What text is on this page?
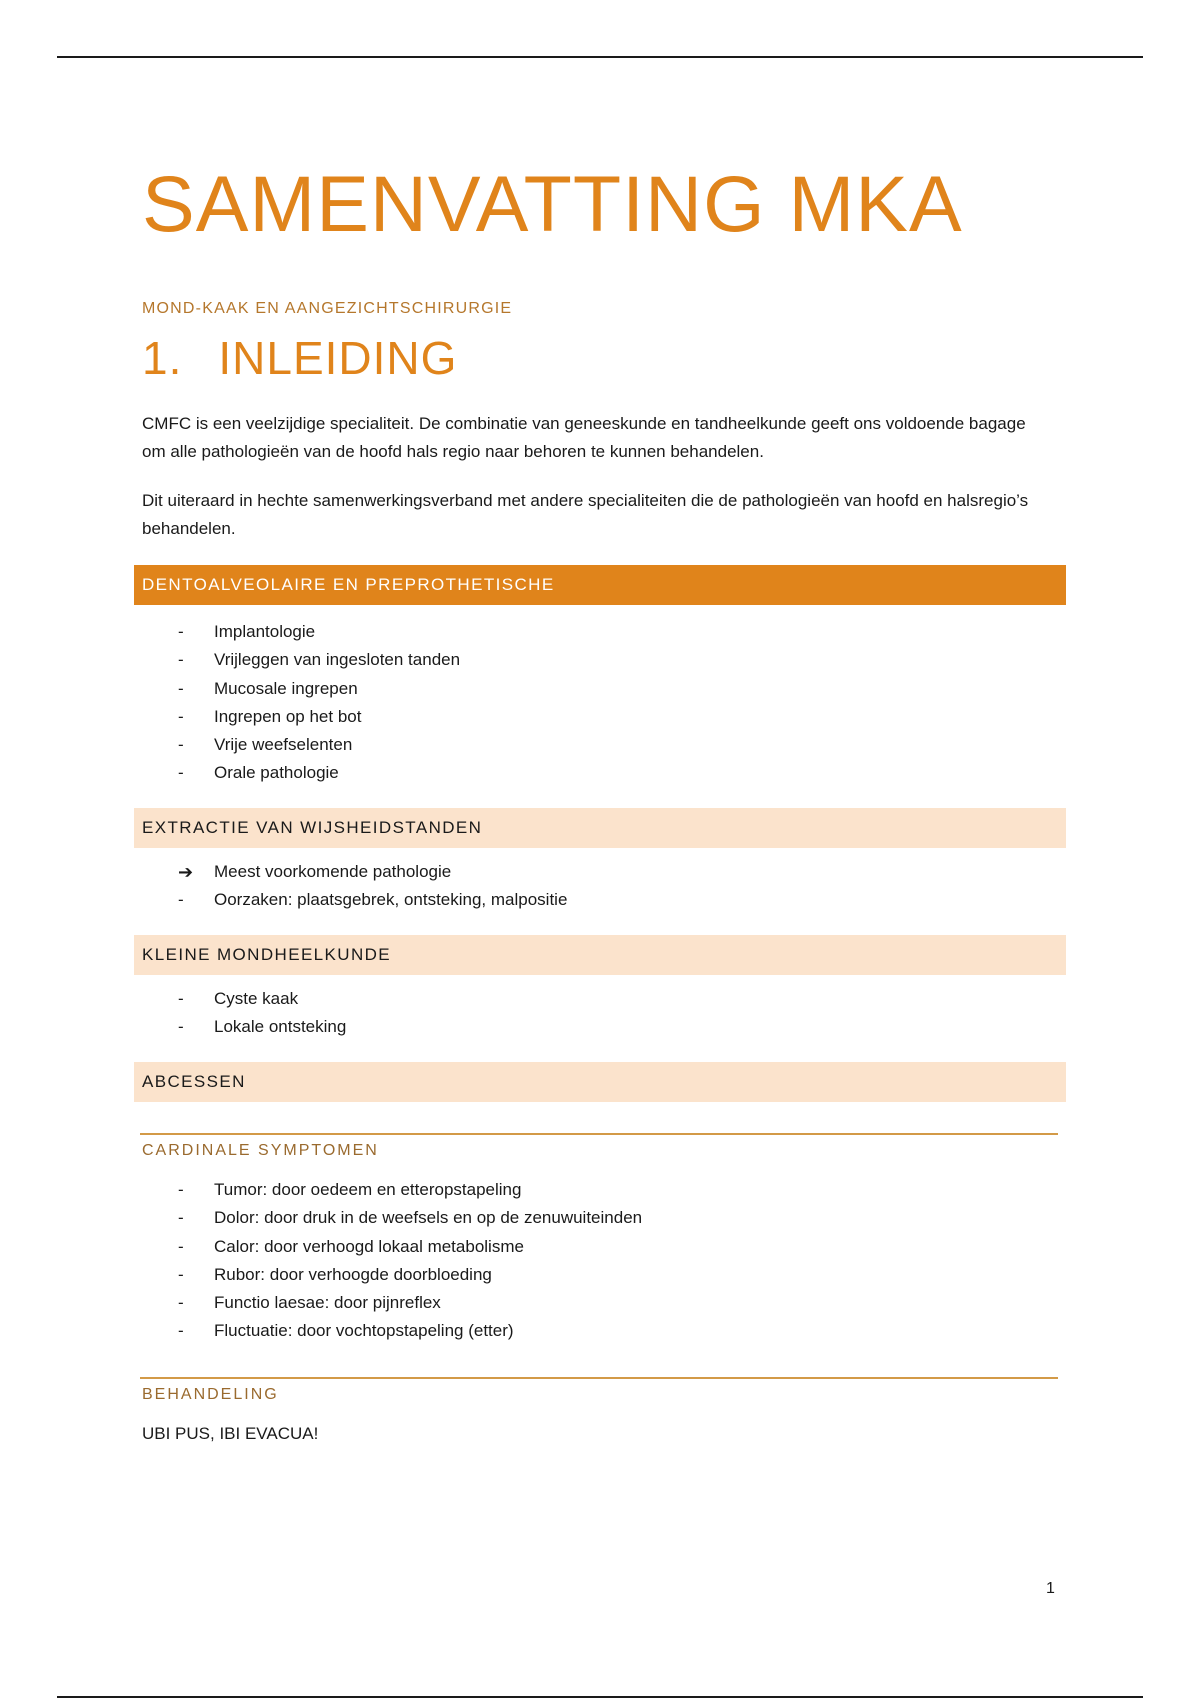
SAMENVATTING MKA
MOND-KAAK EN AANGEZICHTSCHIRURGIE
1. INLEIDING

CMFC is een veelzijdige specialiteit. De combinatie van geneeskunde en tandheelkunde geeft ons voldoende bagage om alle pathologieën van de hoofd hals regio naar behoren te kunnen behandelen.

Dit uiteraard in hechte samenwerkingsverband met andere specialiteiten die de pathologieën van hoofd en halsregio’s behandelen.

DENTOALVEOLAIRE EN PREPROTHETISCHE
-	Implantologie
-	Vrijleggen van ingesloten tanden
-	Mucosale ingrepen
-	Ingrepen op het bot
-	Vrije weefselenten
-	Orale pathologie
EXTRACTIE VAN WIJSHEIDSTANDEN
➔ Meest voorkomende pathologie
-	Oorzaken: plaatsgebrek, ontsteking, malpositie
KLEINE MONDHEELKUNDE
-	Cyste kaak
-	Lokale ontsteking
ABCESSEN
CARDINALE SYMPTOMEN
-	Tumor: door oedeem en etteropstapeling
-	Dolor: door druk in de weefsels en op de zenuwuiteinden
-	Calor: door verhoogd lokaal metabolisme
-	Rubor: door verhoogde doorbloeding
-	Functio laesae: door pijnreflex
-	Fluctuatie: door vochtopstapeling (etter)
BEHANDELING
UBI PUS, IBI EVACUA!
1
